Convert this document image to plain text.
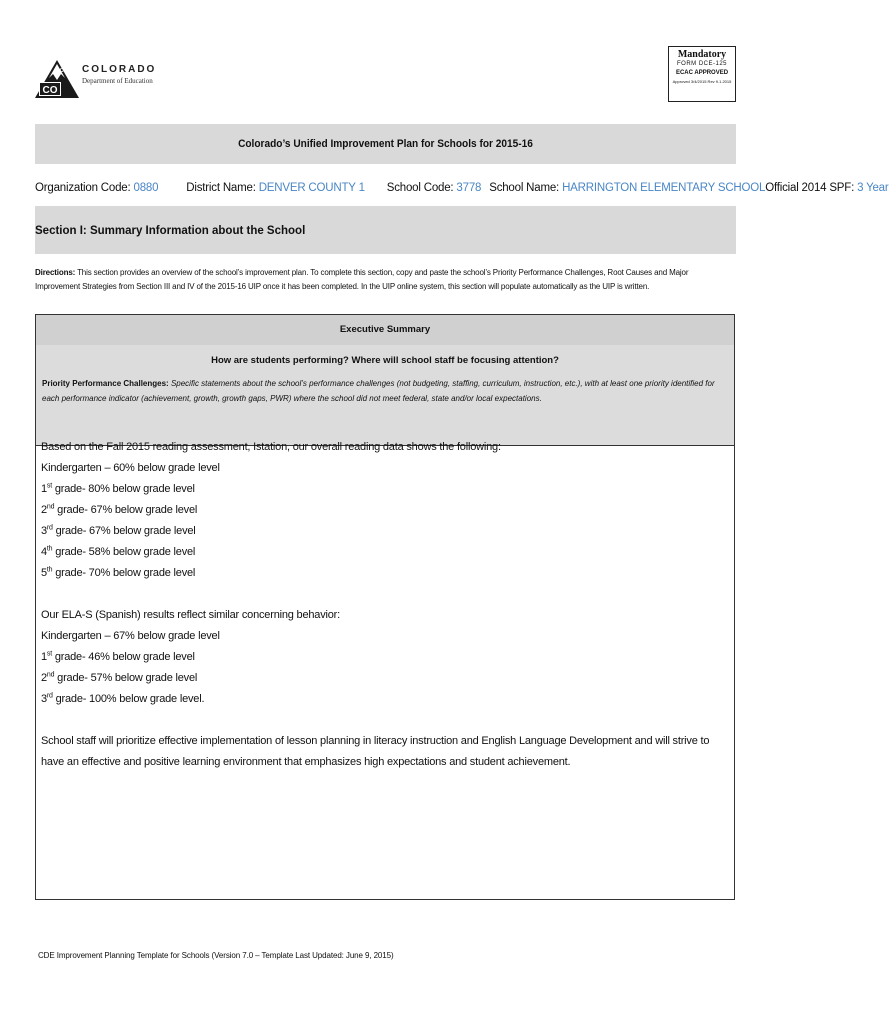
CO
CDE COLORADO
Department of Education
Mandatory
FORM DCE-125
ECAC APPROVED
Approved 3/4/2015 Rev 9.1.2015
Colorado’s Unified Improvement Plan for Schools for 2015-16
Organization Code: 0880 District Name: DENVER COUNTY 1 School Code: 3778 School Name: HARRINGTON ELEMENTARY SCHOOLOfficial 2014 SPF: 3 Year
Section I: Summary Information about the School
Directions: This section provides an overview of the school’s improvement plan. To complete this section, copy and paste the school’s Priority Performance Challenges, Root Causes and Major Improvement Strategies from Section III and IV of the 2015-16 UIP once it has been completed. In the UIP online system, this section will populate automatically as the UIP is written.
Executive Summary
How are students performing? Where will school staff be focusing attention?
Priority Performance Challenges: Specific statements about the school’s performance challenges (not budgeting, staffing, curriculum, instruction, etc.), with at least one priority identified for each performance indicator (achievement, growth, growth gaps, PWR) where the school did not meet federal, state and/or local expectations.
Based on the Fall 2015 reading assessment, Istation, our overall reading data shows the following:
Kindergarten – 60% below grade level
1st grade- 80% below grade level
2nd grade- 67% below grade level
3rd grade- 67% below grade level
4th grade- 58% below grade level
5th grade- 70% below grade level
Our ELA-S (Spanish) results reflect similar concerning behavior:
Kindergarten – 67% below grade level
1st grade- 46% below grade level
2nd grade- 57% below grade level
3rd grade- 100% below grade level.
School staff will prioritize effective implementation of lesson planning in literacy instruction and English Language Development and will strive to have an effective and positive learning environment that emphasizes high expectations and student achievement.
CDE Improvement Planning Template for Schools (Version 7.0 – Template Last Updated: June 9, 2015)
